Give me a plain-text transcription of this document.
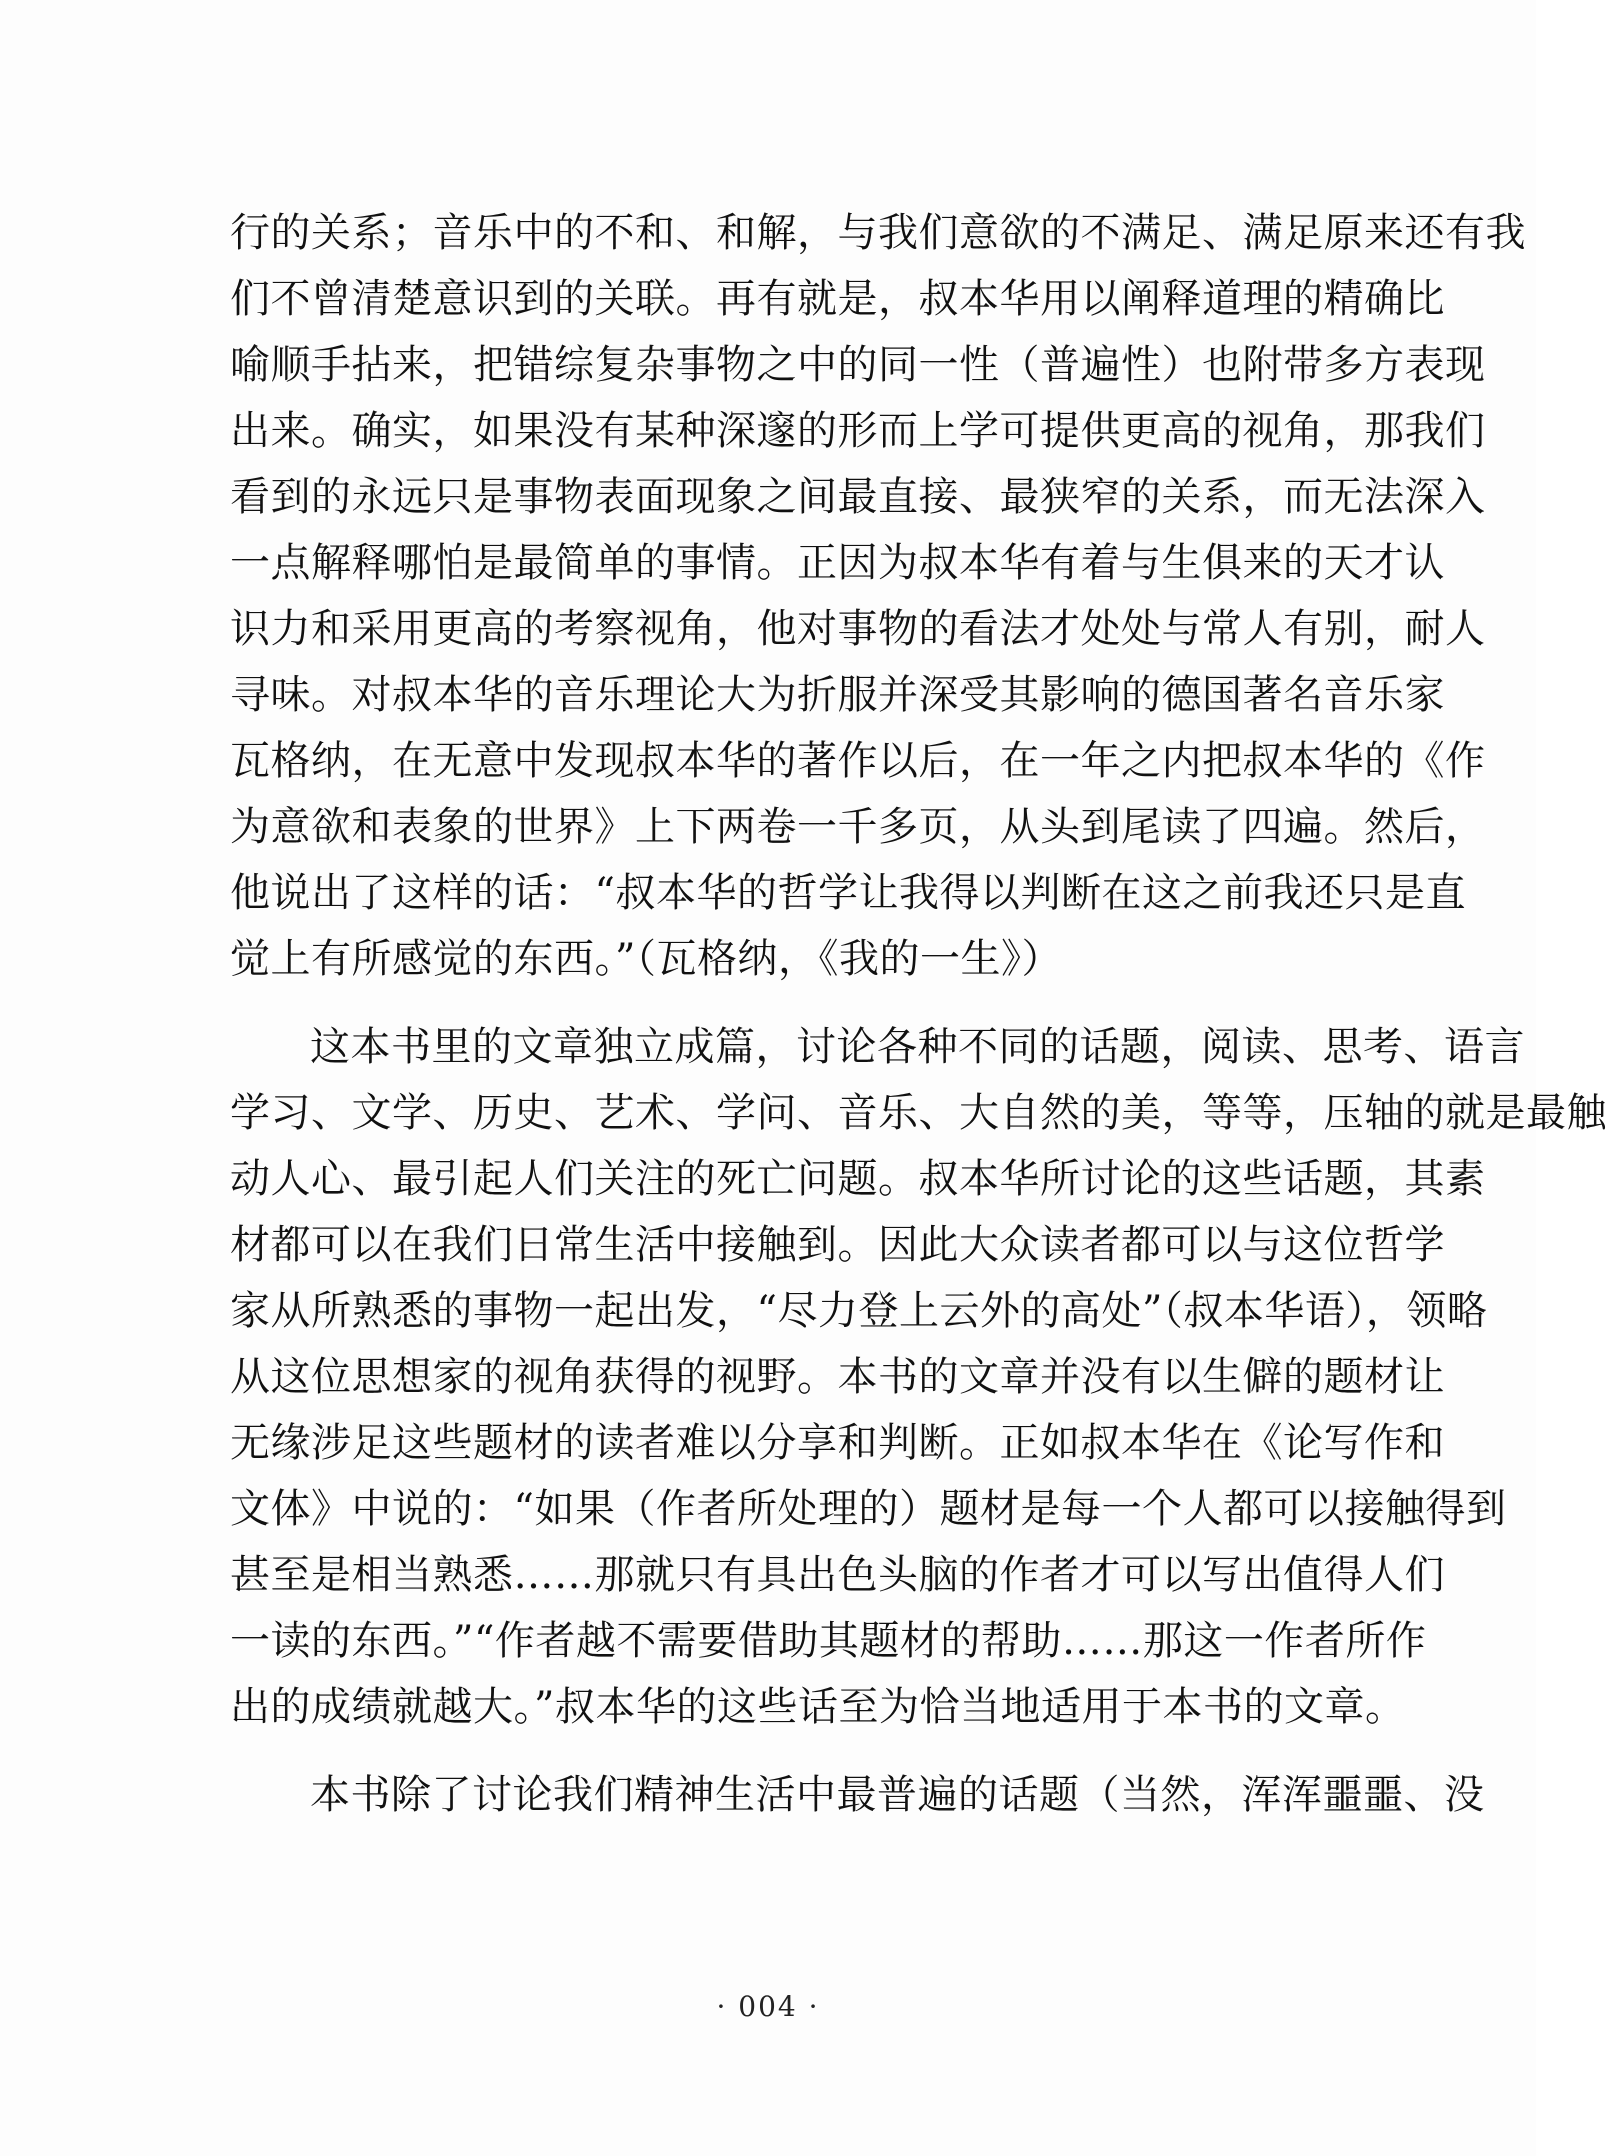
行的关系；音乐中的不和、和解，与我们意欲的不满足、满足原来还有我
们不曾清楚意识到的关联。再有就是，叔本华用以阐释道理的精确比
喻顺手拈来，把错综复杂事物之中的同一性（普遍性）也附带多方表现
出来。确实，如果没有某种深邃的形而上学可提供更高的视角，那我们
看到的永远只是事物表面现象之间最直接、最狭窄的关系，而无法深入
一点解释哪怕是最简单的事情。正因为叔本华有着与生俱来的天才认
识力和采用更高的考察视角，他对事物的看法才处处与常人有别，耐人
寻味。对叔本华的音乐理论大为折服并深受其影响的德国著名音乐家
瓦格纳，在无意中发现叔本华的著作以后，在一年之内把叔本华的《作
为意欲和表象的世界》上下两卷一千多页，从头到尾读了四遍。然后，
他说出了这样的话：“叔本华的哲学让我得以判断在这之前我还只是直
觉上有所感觉的东西。”（瓦格纳，《我的一生》）
这本书里的文章独立成篇，讨论各种不同的话题，阅读、思考、语言
学习、文学、历史、艺术、学问、音乐、大自然的美，等等，压轴的就是最触
动人心、最引起人们关注的死亡问题。叔本华所讨论的这些话题，其素
材都可以在我们日常生活中接触到。因此大众读者都可以与这位哲学
家从所熟悉的事物一起出发，“尽力登上云外的高处”（叔本华语），领略
从这位思想家的视角获得的视野。本书的文章并没有以生僻的题材让
无缘涉足这些题材的读者难以分享和判断。正如叔本华在《论写作和
文体》中说的：“如果（作者所处理的）题材是每一个人都可以接触得到
甚至是相当熟悉……那就只有具出色头脑的作者才可以写出值得人们
一读的东西。”“作者越不需要借助其题材的帮助……那这一作者所作
出的成绩就越大。”叔本华的这些话至为恰当地适用于本书的文章。
本书除了讨论我们精神生活中最普遍的话题（当然，浑浑噩噩、没
· 004 ·
